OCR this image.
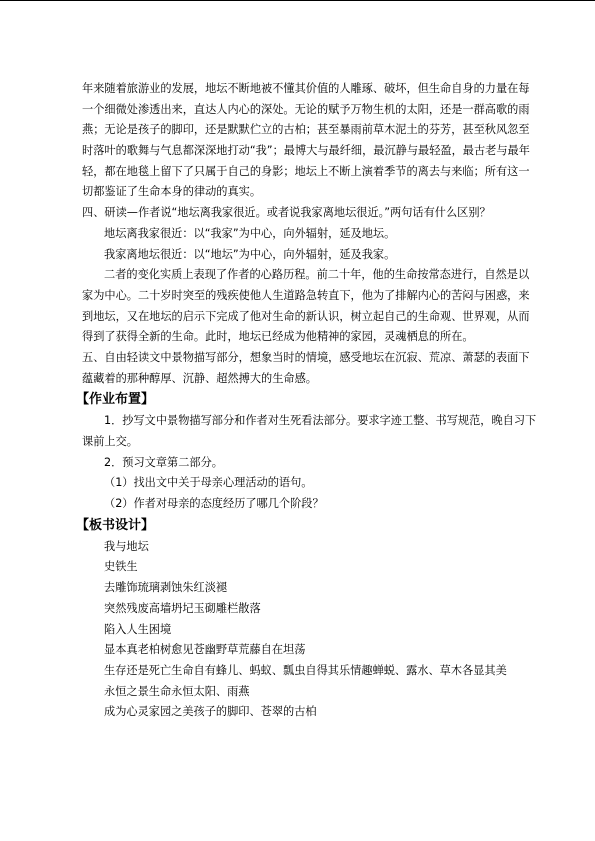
年来随着旅游业的发展，地坛不断地被不懂其价值的人雕琢、破坏，但生命自身的力量在每
一个细微处渗透出来，直达人内心的深处。无论的赋予万物生机的太阳，还是一群高歌的雨
燕；无论是孩子的脚印，还是默默伫立的古柏；甚至暴雨前草木泥土的芬芳，甚至秋风忽至
时落叶的歌舞与气息都深深地打动“我”；最博大与最纤细，最沉静与最轻盈，最古老与最年
轻，都在地毯上留下了只属于自己的身影；地坛上不断上演着季节的离去与来临；所有这一
切都鉴证了生命本身的律动的真实。
四、研读—作者说“地坛离我家很近。或者说我家离地坛很近。”两句话有什么区别？
地坛离我家很近：以“我家”为中心，向外辐射，延及地坛。
我家离地坛很近：以“地坛”为中心，向外辐射，延及我家。
二者的变化实质上表现了作者的心路历程。前二十年，他的生命按常态进行，自然是以
家为中心。二十岁时突至的残疾使他人生道路急转直下，他为了排解内心的苦闷与困惑，来
到地坛，又在地坛的启示下完成了他对生命的新认识，树立起自己的生命观、世界观，从而
得到了获得全新的生命。此时，地坛已经成为他精神的家园，灵魂栖息的所在。
五、自由轻读文中景物描写部分，想象当时的情境，感受地坛在沉寂、荒凉、萧瑟的表面下
蕴藏着的那种醇厚、沉静、超然搏大的生命感。
【作业布置】
1．抄写文中景物描写部分和作者对生死看法部分。要求字迹工整、书写规范，晚自习下
课前上交。
2．预习文章第二部分。
（1）找出文中关于母亲心理活动的语句。
（2）作者对母亲的态度经历了哪几个阶段？
【板书设计】
我与地坛
史铁生
去雕饰琉璃剥蚀朱红淡褪
突然残废高墙坍圮玉砌雕栏散落
陷入人生困境
显本真老柏树愈见苍幽野草荒藤自在坦荡
生存还是死亡生命自有蜂儿、蚂蚁、瓢虫自得其乐情趣蝉蜕、露水、草木各显其美
永恒之景生命永恒太阳、雨燕
成为心灵家园之美孩子的脚印、苍翠的古柏
